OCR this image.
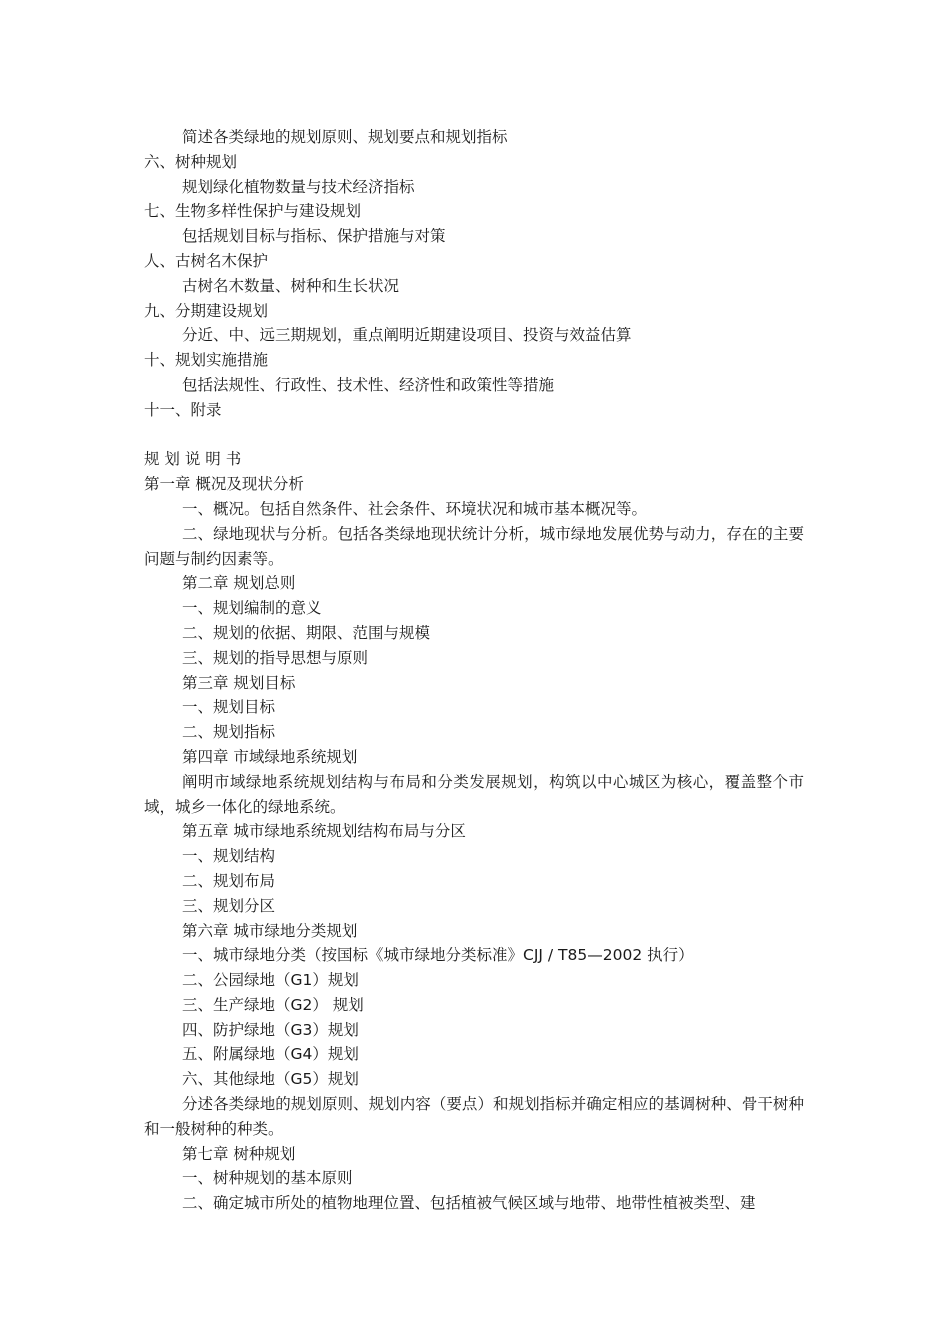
简述各类绿地的规划原则、规划要点和规划指标
六、树种规划
规划绿化植物数量与技术经济指标
七、生物多样性保护与建设规划
包括规划目标与指标、保护措施与对策
人、古树名木保护
古树名木数量、树种和生长状况
九、分期建设规划
分近、中、远三期规划，重点阐明近期建设项目、投资与效益估算
十、规划实施措施
包括法规性、行政性、技术性、经济性和政策性等措施
十一、附录
规 划 说 明 书
第一章 概况及现状分析
一、概况。包括自然条件、社会条件、环境状况和城市基本概况等。
二、绿地现状与分析。包括各类绿地现状统计分析，城市绿地发展优势与动力，存在的主要问题与制约因素等。
第二章 规划总则
一、规划编制的意义
二、规划的依据、期限、范围与规模
三、规划的指导思想与原则
第三章 规划目标
一、规划目标
二、规划指标
第四章 市域绿地系统规划
阐明市域绿地系统规划结构与布局和分类发展规划，构筑以中心城区为核心，覆盖整个市域，城乡一体化的绿地系统。
第五章 城市绿地系统规划结构布局与分区
一、规划结构
二、规划布局
三、规划分区
第六章 城市绿地分类规划
一、城市绿地分类（按国标《城市绿地分类标准》CJJ / T85—2002 执行）
二、公园绿地（G1）规划
三、生产绿地（G2） 规划
四、防护绿地（G3）规划
五、附属绿地（G4）规划
六、其他绿地（G5）规划
分述各类绿地的规划原则、规划内容（要点）和规划指标并确定相应的基调树种、骨干树种和一般树种的种类。
第七章 树种规划
一、树种规划的基本原则
二、确定城市所处的植物地理位置、包括植被气候区域与地带、地带性植被类型、建
